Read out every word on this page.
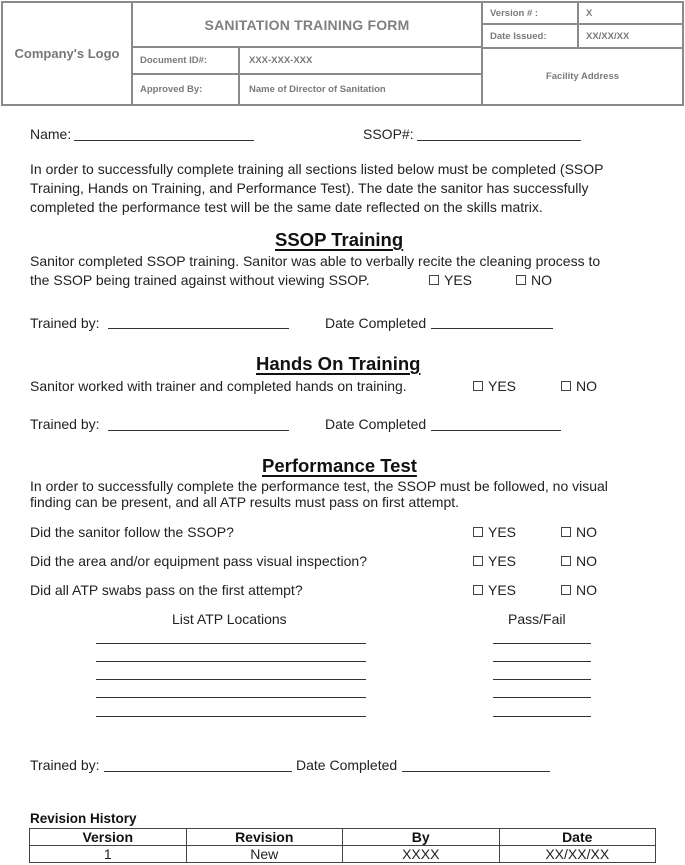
Company's Logo
SANITATION TRAINING FORM
Document ID#:	XXX-XXX-XXX
Approved By:	Name of Director of Sanitation
Version # :	X
Date Issued:	XX/XX/XX
Facility Address
Name:	SSOP#:
In order to successfully complete training all sections listed below must be completed (SSOP
Training, Hands on Training, and Performance Test). The date the sanitor has successfully
completed the performance test will be the same date reflected on the skills matrix.
SSOP Training
Sanitor completed SSOP training. Sanitor was able to verbally recite the cleaning process to
the SSOP being trained against without viewing SSOP.	YES	NO
Trained by:	Date Completed
Hands On Training
Sanitor worked with trainer and completed hands on training.	YES	NO
Trained by:	Date Completed
Performance Test
In order to successfully complete the performance test, the SSOP must be followed, no visual
finding can be present, and all ATP results must pass on first attempt.
Did the sanitor follow the SSOP?	YES	NO
Did the area and/or equipment pass visual inspection?	YES	NO
Did all ATP swabs pass on the first attempt?	YES	NO
List ATP Locations	Pass/Fail
Trained by:	Date Completed
Revision History
Version	Revision	By	Date
1	New	XXXX	XX/XX/XX
